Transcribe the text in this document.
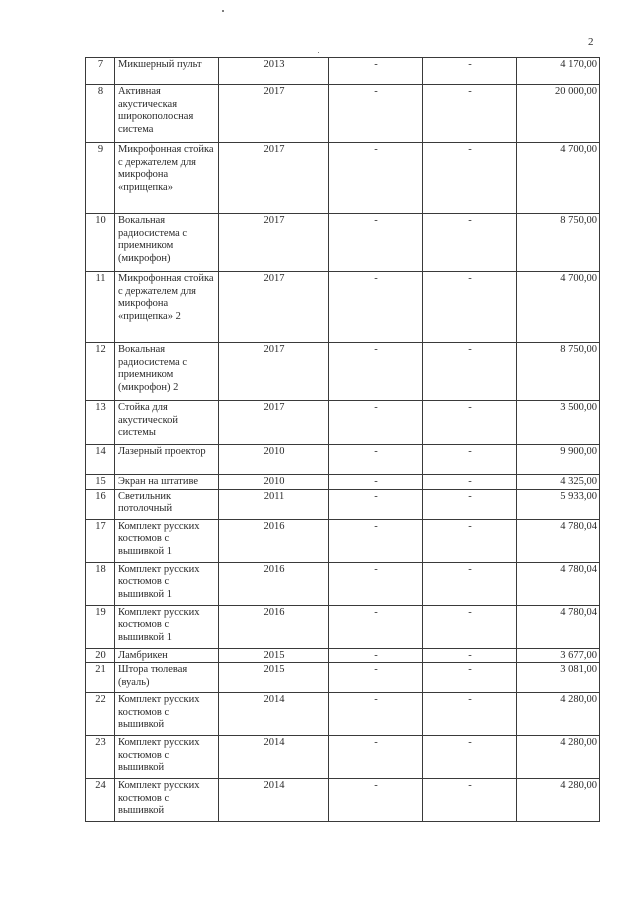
2
7	Микшерный пульт	2013	-	-	4 170,00
8	Активная акустическая широкополосная система	2017	-	-	20 000,00
9	Микрофонная стойка с держателем для микрофона «прищепка»	2017	-	-	4 700,00
10	Вокальная радиосистема с приемником (микрофон)	2017	-	-	8 750,00
11	Микрофонная стойка с держателем для микрофона «прищепка» 2	2017	-	-	4 700,00
12	Вокальная радиосистема с приемником (микрофон) 2	2017	-	-	8 750,00
13	Стойка для акустической системы	2017	-	-	3 500,00
14	Лазерный проектор	2010	-	-	9 900,00
15	Экран на штативе	2010	-	-	4 325,00
16	Светильник потолочный	2011	-	-	5 933,00
17	Комплект русских костюмов с вышивкой 1	2016	-	-	4 780,04
18	Комплект русских костюмов с вышивкой 1	2016	-	-	4 780,04
19	Комплект русских костюмов с вышивкой 1	2016	-	-	4 780,04
20	Ламбрикен	2015	-	-	3 677,00
21	Штора тюлевая (вуаль)	2015	-	-	3 081,00
22	Комплект русских костюмов с вышивкой	2014	-	-	4 280,00
23	Комплект русских костюмов с вышивкой	2014	-	-	4 280,00
24	Комплект русских костюмов с вышивкой	2014	-	-	4 280,00
